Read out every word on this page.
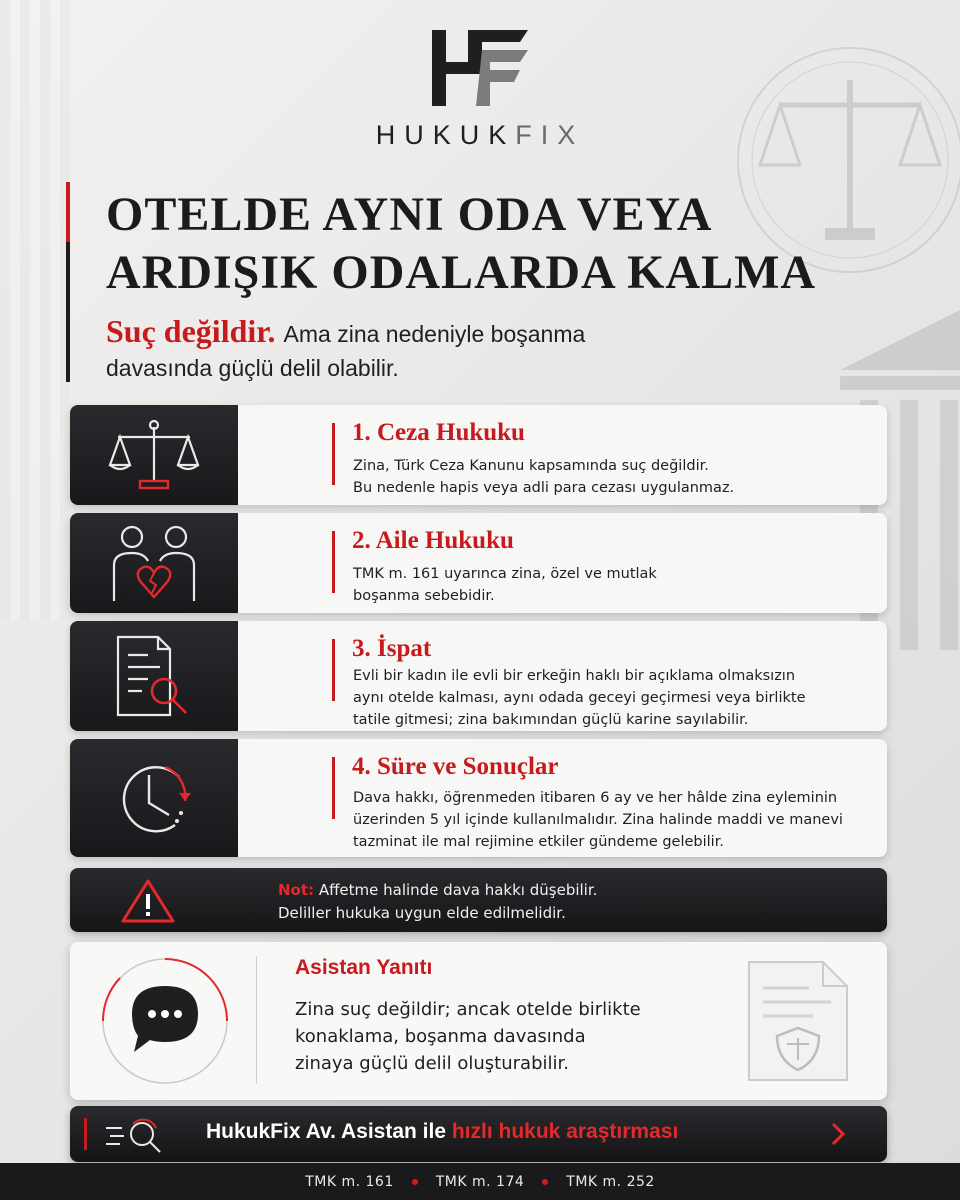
HUKUKFIX
OTELDE AYNI ODA VEYA
ARDIŞIK ODALARDA KALMA
Suç değildir. Ama zina nedeniyle boşanma
davasında güçlü delil olabilir.
1. Ceza Hukuku
Zina, Türk Ceza Kanunu kapsamında suç değildir.
Bu nedenle hapis veya adli para cezası uygulanmaz.
2. Aile Hukuku
TMK m. 161 uyarınca zina, özel ve mutlak
boşanma sebebidir.
3. İspat
Evli bir kadın ile evli bir erkeğin haklı bir açıklama olmaksızın
aynı otelde kalması, aynı odada geceyi geçirmesi veya birlikte
tatile gitmesi; zina bakımından güçlü karine sayılabilir.
4. Süre ve Sonuçlar
Dava hakkı, öğrenmeden itibaren 6 ay ve her hâlde zina eyleminin
üzerinden 5 yıl içinde kullanılmalıdır. Zina halinde maddi ve manevi
tazminat ile mal rejimine etkiler gündeme gelebilir.
Not: Affetme halinde dava hakkı düşebilir.
Deliller hukuka uygun elde edilmelidir.
Asistan Yanıtı
Zina suç değildir; ancak otelde birlikte
konaklama, boşanma davasında
zinaya güçlü delil oluşturabilir.
HukukFix Av. Asistan ile hızlı hukuk araştırması
TMK m. 161	TMK m. 174	TMK m. 252
